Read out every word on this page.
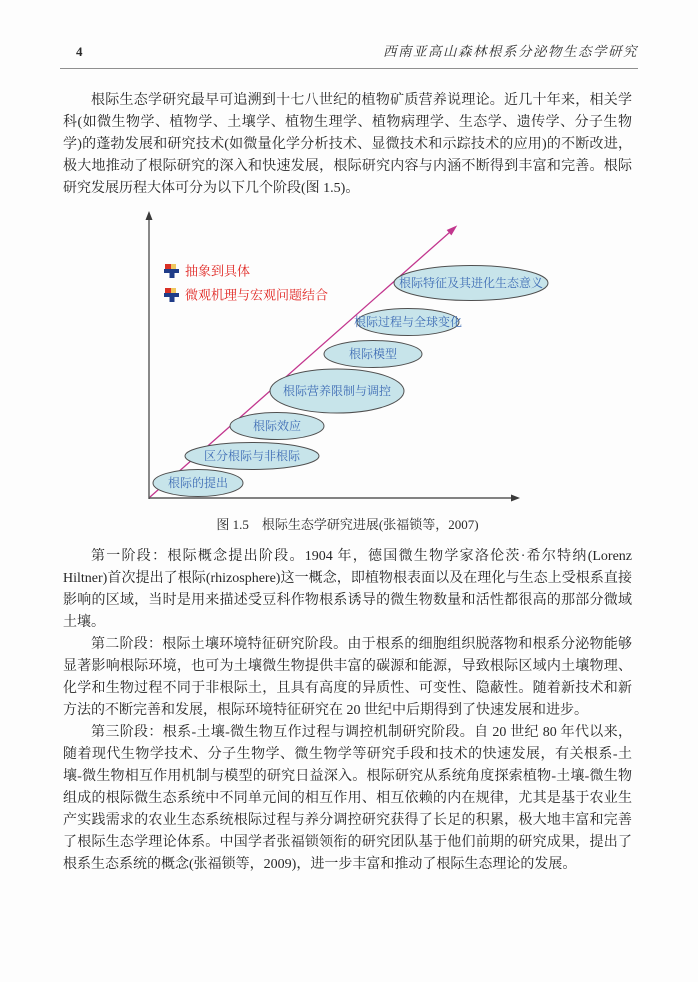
4	西南亚高山森林根系分泌物生态学研究

根际生态学研究最早可追溯到十七八世纪的植物矿质营养说理论。近几十年来，相关学科(如微生物学、植物学、土壤学、植物生理学、植物病理学、生态学、遗传学、分子生物学)的蓬勃发展和研究技术(如微量化学分析技术、显微技术和示踪技术的应用)的不断改进，极大地推动了根际研究的深入和快速发展，根际研究内容与内涵不断得到丰富和完善。根际研究发展历程大体可分为以下几个阶段(图 1.5)。

抽象到具体
微观机理与宏观问题结合
根际的提出
区分根际与非根际
根际效应
根际营养限制与调控
根际模型
根际过程与全球变化
根际特征及其进化生态意义
图 1.5　根际生态学研究进展(张福锁等，2007)

第一阶段：根际概念提出阶段。1904 年，德国微生物学家洛伦茨·希尔特纳(Lorenz Hiltner)首次提出了根际(rhizosphere)这一概念，即植物根表面以及在理化与生态上受根系直接影响的区域，当时是用来描述受豆科作物根系诱导的微生物数量和活性都很高的那部分微域土壤。

第二阶段：根际土壤环境特征研究阶段。由于根系的细胞组织脱落物和根系分泌物能够显著影响根际环境，也可为土壤微生物提供丰富的碳源和能源，导致根际区域内土壤物理、化学和生物过程不同于非根际土，且具有高度的异质性、可变性、隐蔽性。随着新技术和新方法的不断完善和发展，根际环境特征研究在 20 世纪中后期得到了快速发展和进步。

第三阶段：根系-土壤-微生物互作过程与调控机制研究阶段。自 20 世纪 80 年代以来，随着现代生物学技术、分子生物学、微生物学等研究手段和技术的快速发展，有关根系-土壤-微生物相互作用机制与模型的研究日益深入。根际研究从系统角度探索植物-土壤-微生物组成的根际微生态系统中不同单元间的相互作用、相互依赖的内在规律，尤其是基于农业生产实践需求的农业生态系统根际过程与养分调控研究获得了长足的积累，极大地丰富和完善了根际生态学理论体系。中国学者张福锁领衔的研究团队基于他们前期的研究成果，提出了根系生态系统的概念(张福锁等，2009)，进一步丰富和推动了根际生态理论的发展。
